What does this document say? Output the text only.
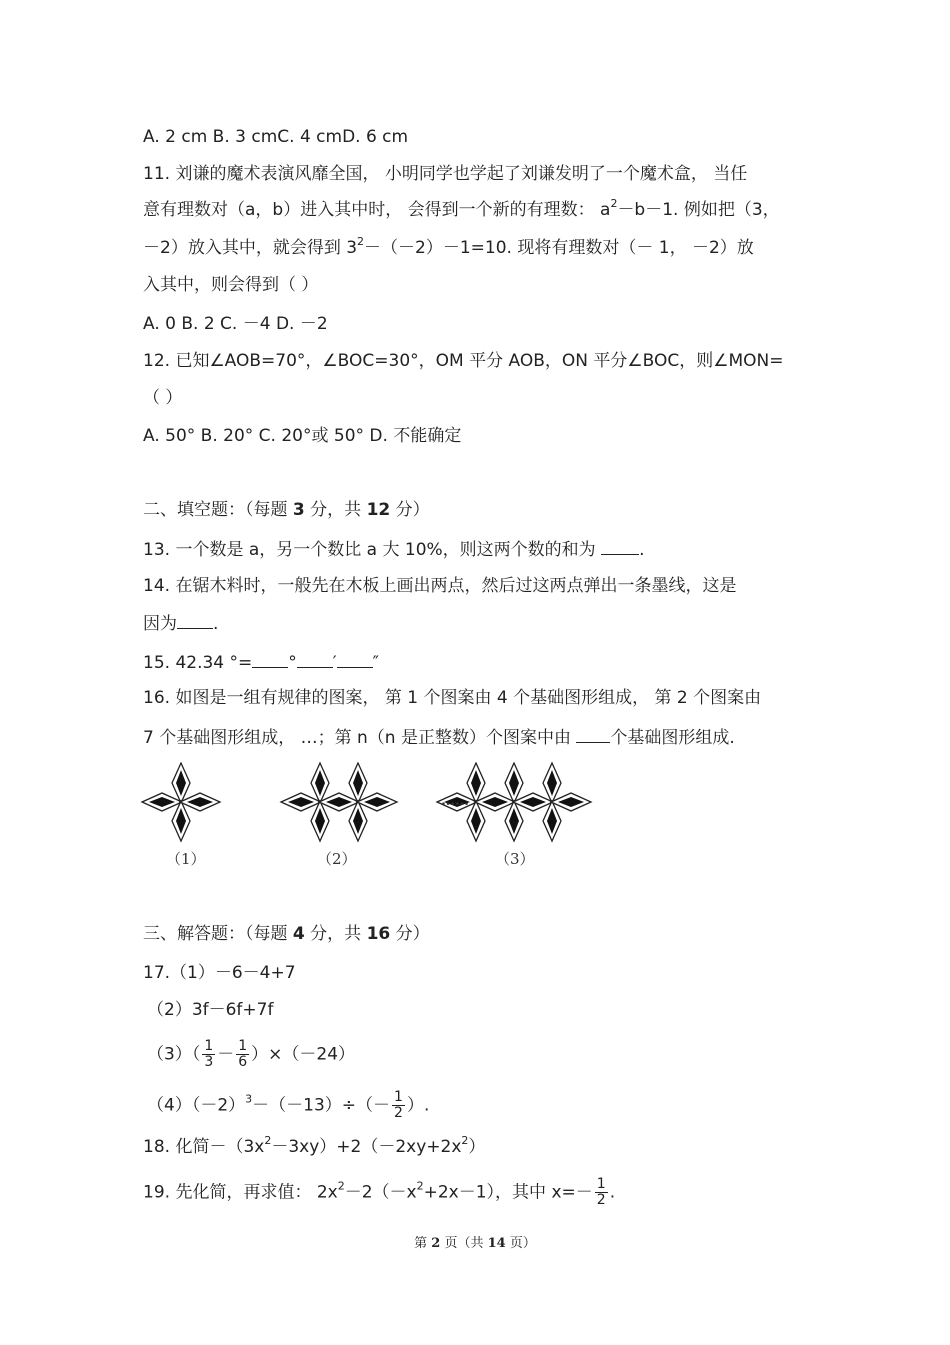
A. 2 cm B. 3 cmC. 4 cmD. 6 cm
11. 刘谦的魔术表演风靡全国， 小明同学也学起了刘谦发明了一个魔术盒， 当任
意有理数对（a，b）进入其中时， 会得到一个新的有理数： $a^2-b-1$. 例如把（3，
－2）放入其中，就会得到 $3^2-(-2)-1=10$. 现将有理数对（－ 1， －2）放
入其中，则会得到（ ）
A. 0 B. 2 C. －4 D. －2
12. 已知∠AOB=70°，∠BOC=30°，OM 平分 AOB，ON 平分∠BOC，则∠MON=
（ ）
A. 50° B. 20° C. 20°或 50° D. 不能确定
二、填空题：（每题 3 分，共 12 分）
13. 一个数是 a，另一个数比 a 大 10%，则这两个数的和为 .
14. 在锯木料时，一般先在木板上画出两点，然后过这两点弹出一条墨线，这是
因为 .
15. 42.34 °= ° ′ ″
16. 如图是一组有规律的图案， 第 1 个图案由 4 个基础图形组成， 第 2 个图案由
7 个基础图形组成， …；第 n（n 是正整数）个图案中由 个基础图形组成.
……
（1）	（2）	（3）
三、解答题：（每题 4 分，共 16 分）
17.（1）－6－4+7
（2）3f－6f+7f
$(3)( \frac{1}{3} - \frac{1}{6} )\times(-24)$
$(4)(-2)^3-(-13)\div(- \frac{1}{2}$ ）.
18. 化简$-(3x^2-3xy)+2(-2xy+2x^2)$
19. 先化简，再求值： $2x^2-2(-x^2+2x-1)$，其中 $x=- \frac{1}{2}$ .
第 2 页（共 14 页）
